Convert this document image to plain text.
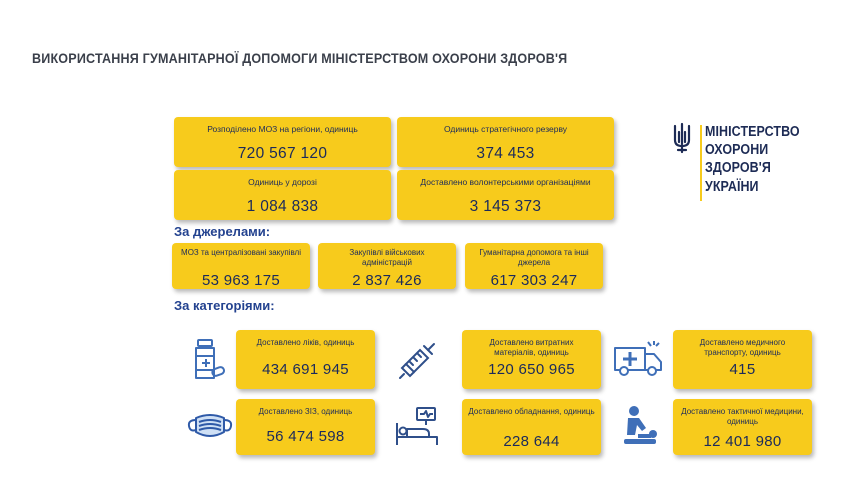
ВИКОРИСТАННЯ ГУМАНІТАРНОЇ ДОПОМОГИ МІНІСТЕРСТВОМ ОХОРОНИ ЗДОРОВ'Я
Розподілено МОЗ на регіони, одиниць
720 567 120
Одиниць стратегічного резерву
374 453
Одиниць у дорозі
1 084 838
Доставлено волонтерськими організаціями
3 145 373
За джерелами:
МОЗ та централізовані закупівлі
53 963 175
Закупівлі військових адміністрацій
2 837 426
Гуманітарна допомога та інші джерела
617 303 247
За категоріями:
Доставлено ліків, одиниць
434 691 945
Доставлено витратних матеріалів, одиниць
120 650 965
Доставлено медичного транспорту, одиниць
415
Доставлено ЗІЗ, одиниць
56 474 598
Доставлено обладнання, одиниць
228 644
Доставлено тактичної медицини, одиниць
12 401 980
МІНІСТЕРСТВО
ОХОРОНИ
ЗДОРОВ'Я
УКРАЇНИ
